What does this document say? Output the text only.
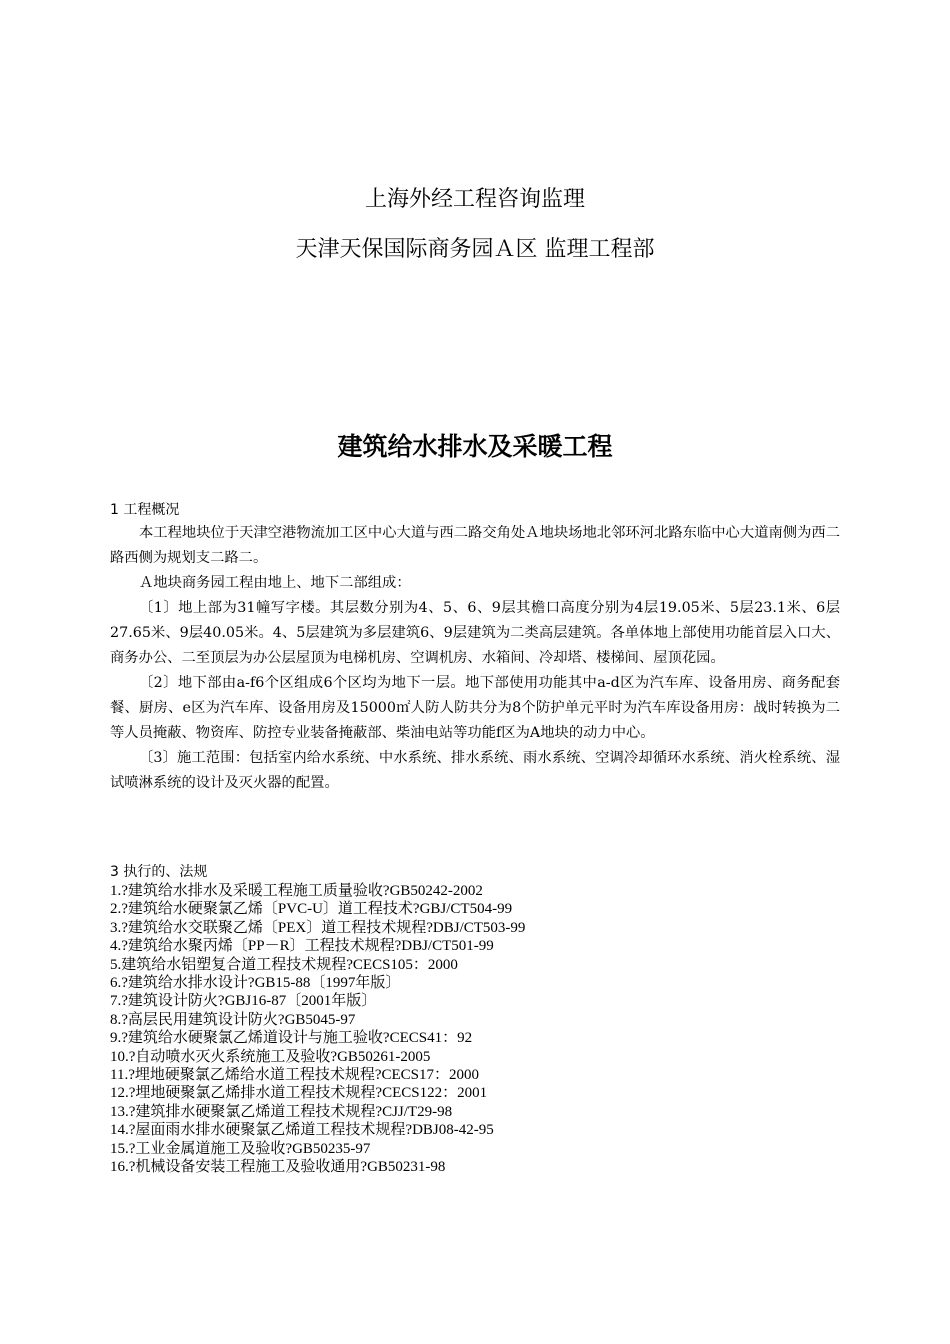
上海外经工程咨询监理
天津天保国际商务园Ａ区 监理工程部
建筑给水排水及采暖工程

1 工程概况

本工程地块位于天津空港物流加工区中心大道与西二路交角处Ａ地块场地北邻环河北路东临中心大道南侧为西二路西侧为规划支二路二。

Ａ地块商务园工程由地上、地下二部组成：

〔1〕地上部为31幢写字楼。其层数分别为4、5、6、9层其檐口高度分别为4层19.05米、5层23.1米、6层27.65米、9层40.05米。4、5层建筑为多层建筑6、9层建筑为二类高层建筑。各单体地上部使用功能首层入口大、商务办公、二至顶层为办公层屋顶为电梯机房、空调机房、水箱间、冷却塔、楼梯间、屋顶花园。

〔2〕地下部由a-f6个区组成6个区均为地下一层。地下部使用功能其中a-d区为汽车库、设备用房、商务配套餐、厨房、e区为汽车库、设备用房及15000㎡人防人防共分为8个防护单元平时为汽车库设备用房：战时转换为二等人员掩蔽、物资库、防控专业装备掩蔽部、柴油电站等功能f区为A地块的动力中心。

〔3〕施工范围：包括室内给水系统、中水系统、排水系统、雨水系统、空调冷却循环水系统、消火栓系统、湿试喷淋系统的设计及灭火器的配置。

3 执行的、法规

1.?建筑给水排水及采暖工程施工质量验收?GB50242-2002

2.?建筑给水硬聚氯乙烯〔PVC-U〕道工程技术?GBJ/CT504-99

3.?建筑给水交联聚乙烯〔PEX〕道工程技术规程?DBJ/CT503-99

4.?建筑给水聚丙烯〔PP－R〕工程技术规程?DBJ/CT501-99

5.建筑给水铝塑复合道工程技术规程?CECS105：2000

6.?建筑给水排水设计?GB15-88〔1997年版〕

7.?建筑设计防火?GBJ16-87〔2001年版〕

8.?高层民用建筑设计防火?GB5045-97

9.?建筑给水硬聚氯乙烯道设计与施工验收?CECS41：92

10.?自动喷水灭火系统施工及验收?GB50261-2005

11.?埋地硬聚氯乙烯给水道工程技术规程?CECS17：2000

12.?埋地硬聚氯乙烯排水道工程技术规程?CECS122：2001

13.?建筑排水硬聚氯乙烯道工程技术规程?CJJ/T29-98

14.?屋面雨水排水硬聚氯乙烯道工程技术规程?DBJ08-42-95

15.?工业金属道施工及验收?GB50235-97

16.?机械设备安装工程施工及验收通用?GB50231-98
